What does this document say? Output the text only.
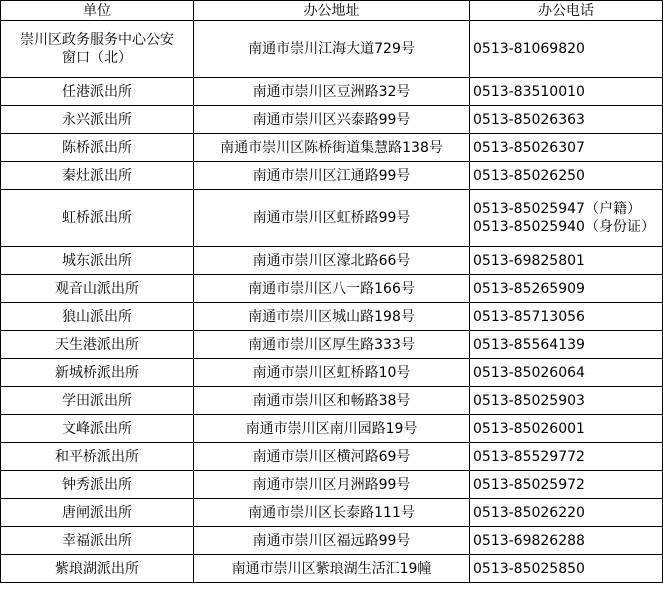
单位	办公地址	办公电话

崇川区政务服务中心公安
窗口（北）	南通市崇川江海大道729号	0513-81069820

任港派出所	南通市崇川区豆洲路32号	0513-83510010

永兴派出所	南通市崇川区兴泰路99号	0513-85026363

陈桥派出所	南通市崇川区陈桥街道集慧路138号	0513-85026307

秦灶派出所	南通市崇川区江通路99号	0513-85026250

虹桥派出所	南通市崇川区虹桥路99号	0513-85025947（户籍）
0513-85025940（身份证）

城东派出所	南通市崇川区濠北路66号	0513-69825801

观音山派出所	南通市崇川区八一路166号	0513-85265909

狼山派出所	南通市崇川区城山路198号	0513-85713056

天生港派出所	南通市崇川区厚生路333号	0513-85564139

新城桥派出所	南通市崇川区虹桥路10号	0513-85026064

学田派出所	南通市崇川区和畅路38号	0513-85025903

文峰派出所	南通市崇川区南川园路19号	0513-85026001

和平桥派出所	南通市崇川区横河路69号	0513-85529772

钟秀派出所	南通市崇川区月洲路99号	0513-85025972

唐闸派出所	南通市崇川区长泰路111号	0513-85026220

幸福派出所	南通市崇川区福远路99号	0513-69826288

紫琅湖派出所	南通市崇川区紫琅湖生活汇19幢	0513-85025850
